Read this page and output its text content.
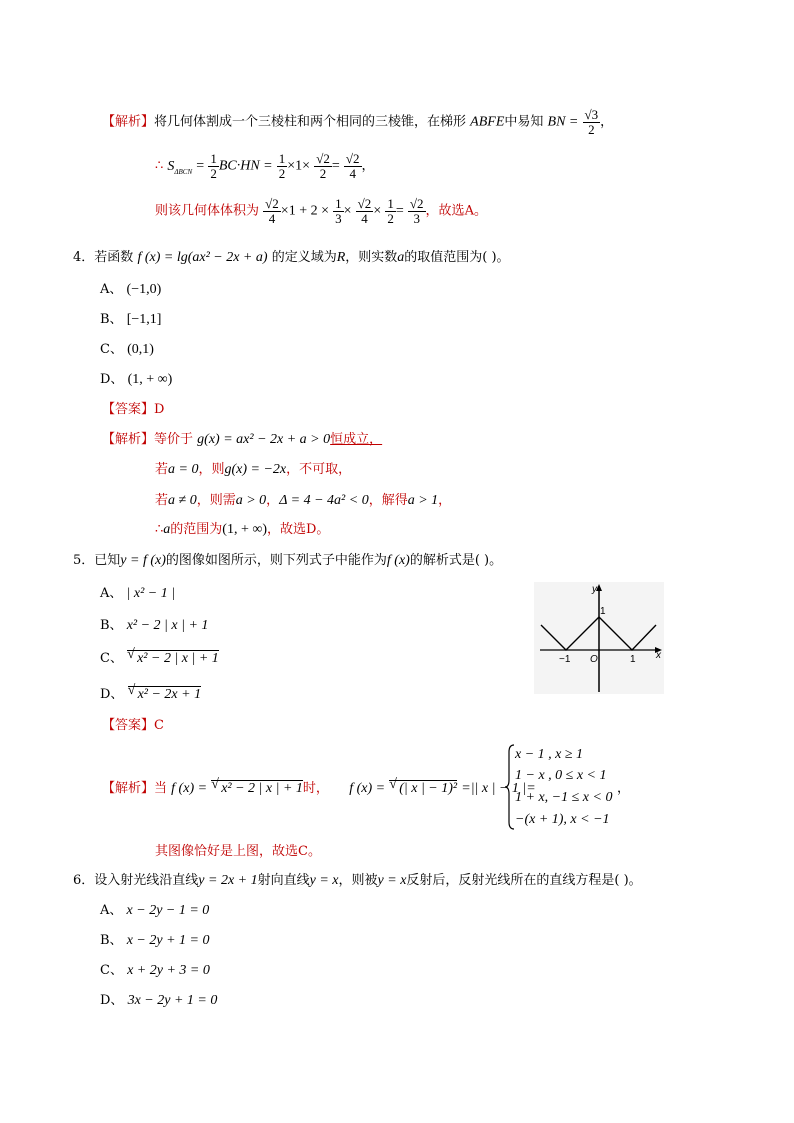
【解析】将几何体割成一个三棱柱和两个相同的三棱锥，在梯形 ABFE中易知 BN = $\frac{√3}{2}$ ，
∴ $S_{\Delta BCN} = \frac{1}{2} BC\cdot HN = \frac{1}{2} \times 1\times \frac{√2}{2} = \frac{√2}{4}$ ，
则该几何体体积为 $\frac{√2}{4} \times 1 + 2 \times \frac{1}{3} \times \frac{√2}{4} \times \frac{1}{2} = \frac{√2}{3}$ ，故选A。
4．若函数 f (x) = lg(ax² − 2x + a) 的定义域为R，则实数a的取值范围为( )。
A、 (−1,0)
B、 [−1,1]
C、 (0,1)
D、 (1, + ∞)
【答案】D
【解析】等价于 g(x) = ax² − 2x + a > 0恒成立，
若a = 0，则g(x) = −2x，不可取，
若a ≠ 0，则需a > 0，Δ = 4 − 4a² < 0，解得a > 1，
∴a的范围为(1, + ∞)，故选D。
5．已知y = f (x)的图像如图所示，则下列式子中能作为f (x)的解析式是( )。
A、 | x² − 1 |
B、 x² − 2 | x | + 1
C、 √ x² − 2 | x | + 1
D、 √ x² − 2x + 1
y
x
1
O
−1	1
【答案】C
【解析】当 f (x) = √ x² − 2 | x | + 1时， f (x) = √ (| x | − 1)² =|| x | − 1 |=
x − 1 , x ≥ 1
1 − x , 0 ≤ x < 1
1 + x, −1 ≤ x < 0
−(x + 1), x < −1
，
其图像恰好是上图，故选C。
6．设入射光线沿直线y = 2x + 1射向直线y = x，则被y = x反射后，反射光线所在的直线方程是( )。
A、 x − 2y − 1 = 0
B、 x − 2y + 1 = 0
C、 x + 2y + 3 = 0
D、 3x − 2y + 1 = 0
